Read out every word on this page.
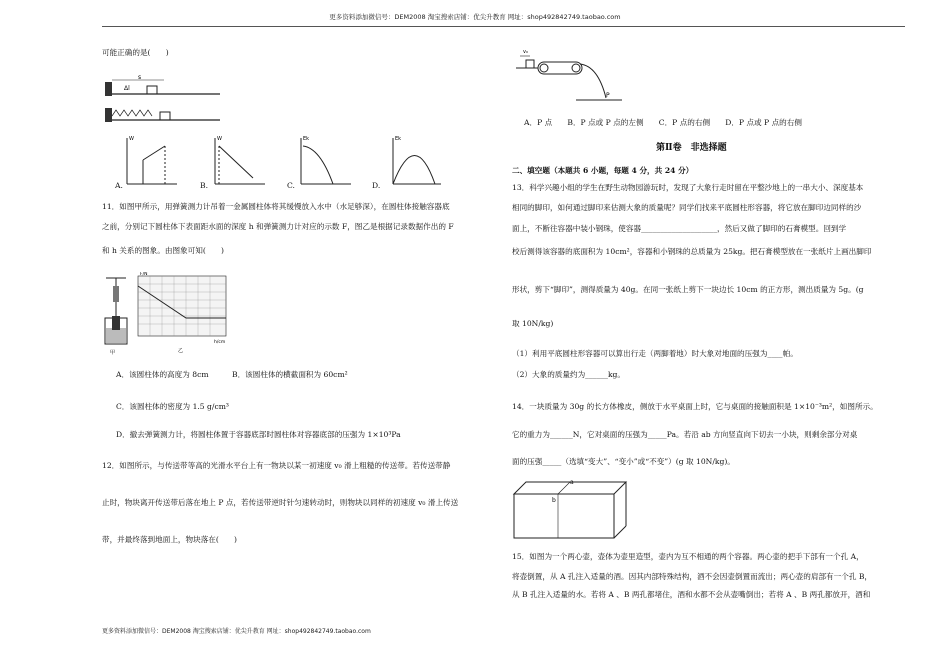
更多资料添加微信号：DEM2008 淘宝搜索店铺：优尖升教育 网址：shop492842749.taobao.com
可能正确的是(　　)
s
Δl
W	W	Ek	Ek
A.	B.	C.	D.
11．如图甲所示，用弹簧测力计吊着一金属圆柱体将其缓慢放入水中（水足够深），在圆柱体接触容器底
之前，分别记下圆柱体下表面距水面的深度 h 和弹簧测力计对应的示数 F，图乙是根据记录数据作出的 F
和 h 关系的图象。由图象可知(　　)
甲
F/N
h/cm
乙
A．该圆柱体的高度为 8cm	B．该圆柱体的横截面积为 60cm²
C．该圆柱体的密度为 1.5 g/cm³
D．撤去弹簧测力计，将圆柱体置于容器底部时圆柱体对容器底部的压强为 1×10³Pa
12．如图所示，与传送带等高的光滑水平台上有一物块以某一初速度 v₀ 滑上粗糙的传送带。若传送带静
止时，物块离开传送带后落在地上 P 点，若传送带逆时针匀速转动时，则物块以同样的初速度 v₀ 滑上传送
带，并最终落到地面上，物块落在(　　)
v₀
P
A．P 点　　B．P 点或 P 点的左侧　　C．P 点的右侧　　D．P 点或 P 点的右侧
第Ⅱ卷　非选择题
二、填空题（本题共 6 小题，每题 4 分，共 24 分）
13．科学兴趣小组的学生在野生动物园游玩时，发现了大象行走时留在平整沙地上的一串大小、深度基本
相同的脚印，如何通过脚印来估测大象的质量呢？同学们找来平底圆柱形容器，将它放在脚印边同样的沙
面上，不断往容器中装小钢珠，使容器____________________，然后又做了脚印的石膏模型。回到学
校后测得该容器的底面积为 10cm²，容器和小钢珠的总质量为 25kg。把石膏模型放在一张纸片上画出脚印
形状，剪下“脚印”，测得质量为 40g。在同一张纸上剪下一块边长 10cm 的正方形，测出质量为 5g。(g
取 10N/kg)
（1）利用平底圆柱形容器可以算出行走（两脚着地）时大象对地面的压强为____帕。
（2）大象的质量约为______kg。
14．一块质量为 30g 的长方体橡皮，侧放于水平桌面上时，它与桌面的接触面积是 1×10⁻³m²，如图所示。
它的重力为______N，它对桌面的压强为_____Pa。若沿 ab 方向竖直向下切去一小块，则剩余部分对桌
面的压强_____（选填“变大”、“变小”或“不变”）(g 取 10N/kg)。
a
b
15．如图为一个两心壶，壶体为壶里造型，壶内为互不相通的两个容器。两心壶的把手下部有一个孔 A，
将壶倒置，从 A 孔注入适量的酒。因其内部特殊结构，酒不会因壶倒置而流出；两心壶的肩部有一个孔 B，
从 B 孔注入适量的水。若将 A 、B 两孔都堵住，酒和水都不会从壶嘴倒出；若将 A 、B 两孔都放开，酒和
更多资料添加微信号：DEM2008 淘宝搜索店铺：优尖升教育 网址：shop492842749.taobao.com
